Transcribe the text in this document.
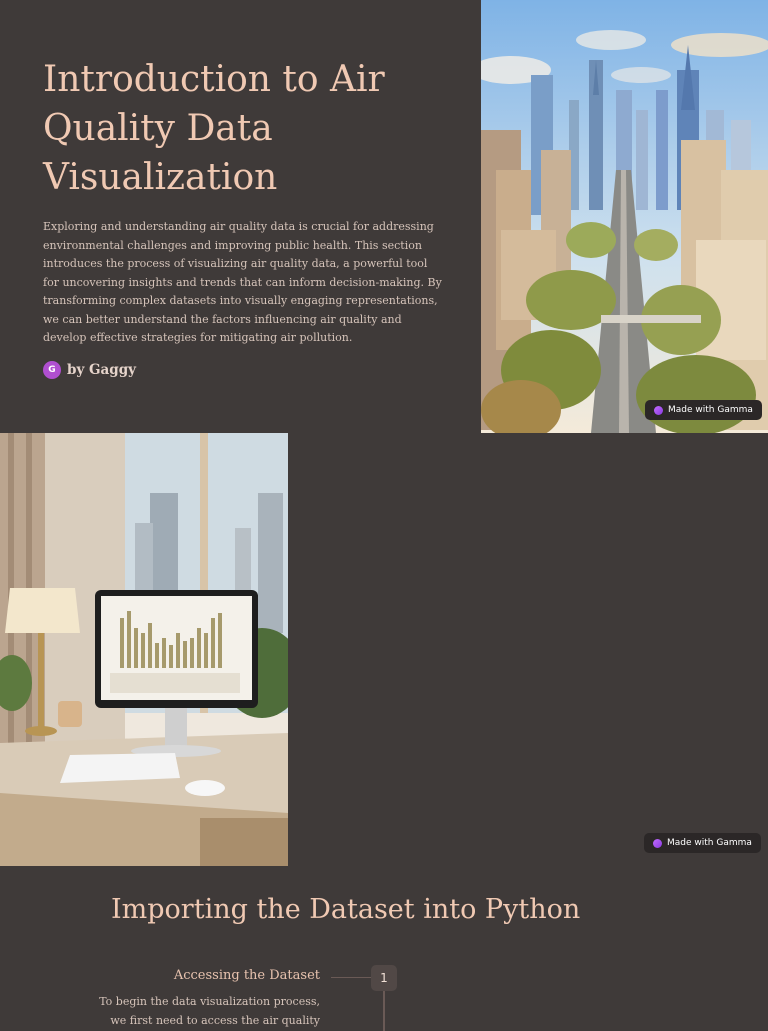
Introduction to Air Quality Data Visualization

Exploring and understanding air quality data is crucial for addressing environmental challenges and improving public health. This section introduces the process of visualizing air quality data, a powerful tool for uncovering insights and trends that can inform decision-making. By transforming complex datasets into visually engaging representations, we can better understand the factors influencing air quality and develop effective strategies for mitigating air pollution.

G by Gaggy
Made with Gamma

Made with Gamma
Importing the Dataset into Python
Accessing the Dataset	1
To begin the data visualization process, we first need to access the air quality
